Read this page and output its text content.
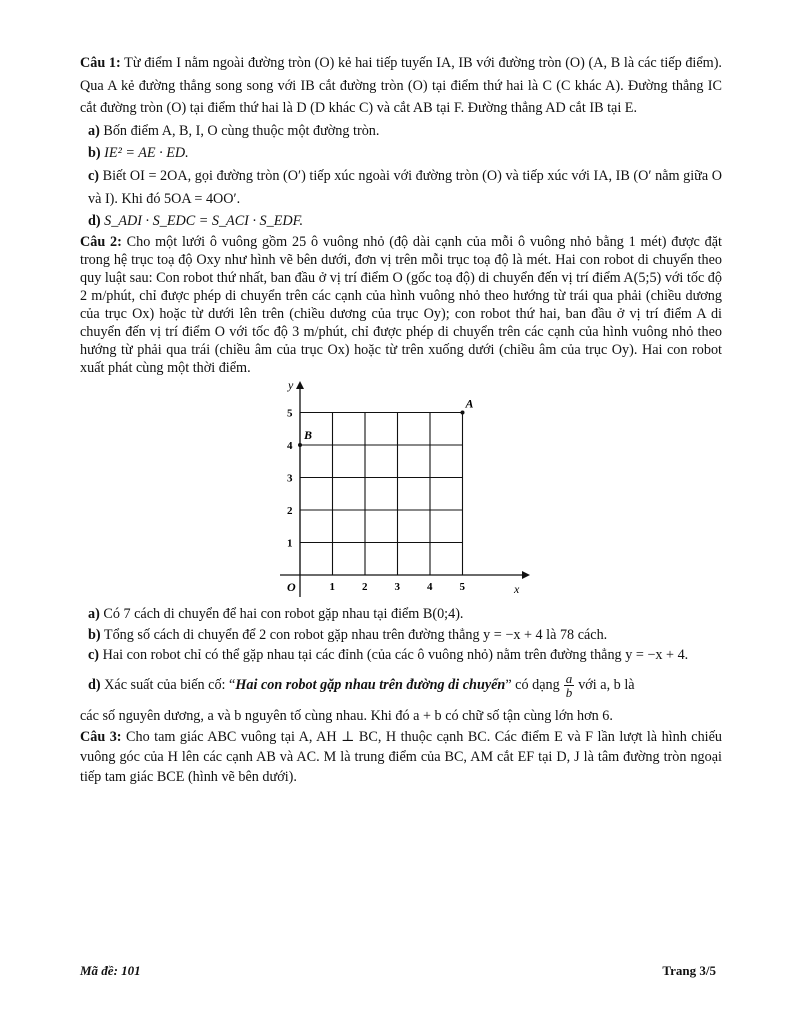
Câu 1: Từ điểm I nằm ngoài đường tròn (O) kẻ hai tiếp tuyến IA, IB với đường tròn (O) (A, B là các tiếp điểm). Qua A kẻ đường thẳng song song với IB cắt đường tròn (O) tại điểm thứ hai là C (C khác A). Đường thẳng IC cắt đường tròn (O) tại điểm thứ hai là D (D khác C) và cắt AB tại F. Đường thẳng AD cắt IB tại E.

a) Bốn điểm A, B, I, O cùng thuộc một đường tròn.

b) IE² = AE · ED.

c) Biết OI = 2OA, gọi đường tròn (O′) tiếp xúc ngoài với đường tròn (O) và tiếp xúc với IA, IB (O′ nằm giữa O và I). Khi đó 5OA = 4OO′.

d) S_ADI · S_EDC = S_ACI · S_EDF.

Câu 2: Cho một lưới ô vuông gồm 25 ô vuông nhỏ (độ dài cạnh của mỗi ô vuông nhỏ bằng 1 mét) được đặt trong hệ trục toạ độ Oxy như hình vẽ bên dưới, đơn vị trên mỗi trục toạ độ là mét. Hai con robot di chuyển theo quy luật sau: Con robot thứ nhất, ban đầu ở vị trí điểm O (gốc toạ độ) di chuyển đến vị trí điểm A(5;5) với tốc độ 2 m/phút, chỉ được phép di chuyển trên các cạnh của hình vuông nhỏ theo hướng từ trái qua phải (chiều dương của trục Ox) hoặc từ dưới lên trên (chiều dương của trục Oy); con robot thứ hai, ban đầu ở vị trí điểm A di chuyển đến vị trí điểm O với tốc độ 3 m/phút, chỉ được phép di chuyển trên các cạnh của hình vuông nhỏ theo hướng từ phải qua trái (chiều âm của trục Ox) hoặc từ trên xuống dưới (chiều âm của trục Oy). Hai con robot xuất phát cùng một thời điểm.

y
x
O	1 2 3 4 5
1
2
3
4
5
A
B

a) Có 7 cách di chuyển để hai con robot gặp nhau tại điểm B(0;4).

b) Tổng số cách di chuyển để 2 con robot gặp nhau trên đường thẳng y = −x + 4 là 78 cách.

c) Hai con robot chỉ có thể gặp nhau tại các đỉnh (của các ô vuông nhỏ) nằm trên đường thẳng y = −x + 4.

d) Xác suất của biến cố: “Hai con robot gặp nhau trên đường di chuyển” có dạng $\frac{a}{b}$ với a, b là

các số nguyên dương, a và b nguyên tố cùng nhau. Khi đó a + b có chữ số tận cùng lớn hơn 6.

Câu 3: Cho tam giác ABC vuông tại A, AH ⊥ BC, H thuộc cạnh BC. Các điểm E và F lần lượt là hình chiếu vuông góc của H lên các cạnh AB và AC. M là trung điểm của BC, AM cắt EF tại D, J là tâm đường tròn ngoại tiếp tam giác BCE (hình vẽ bên dưới).

Mã đề: 101	Trang 3/5
